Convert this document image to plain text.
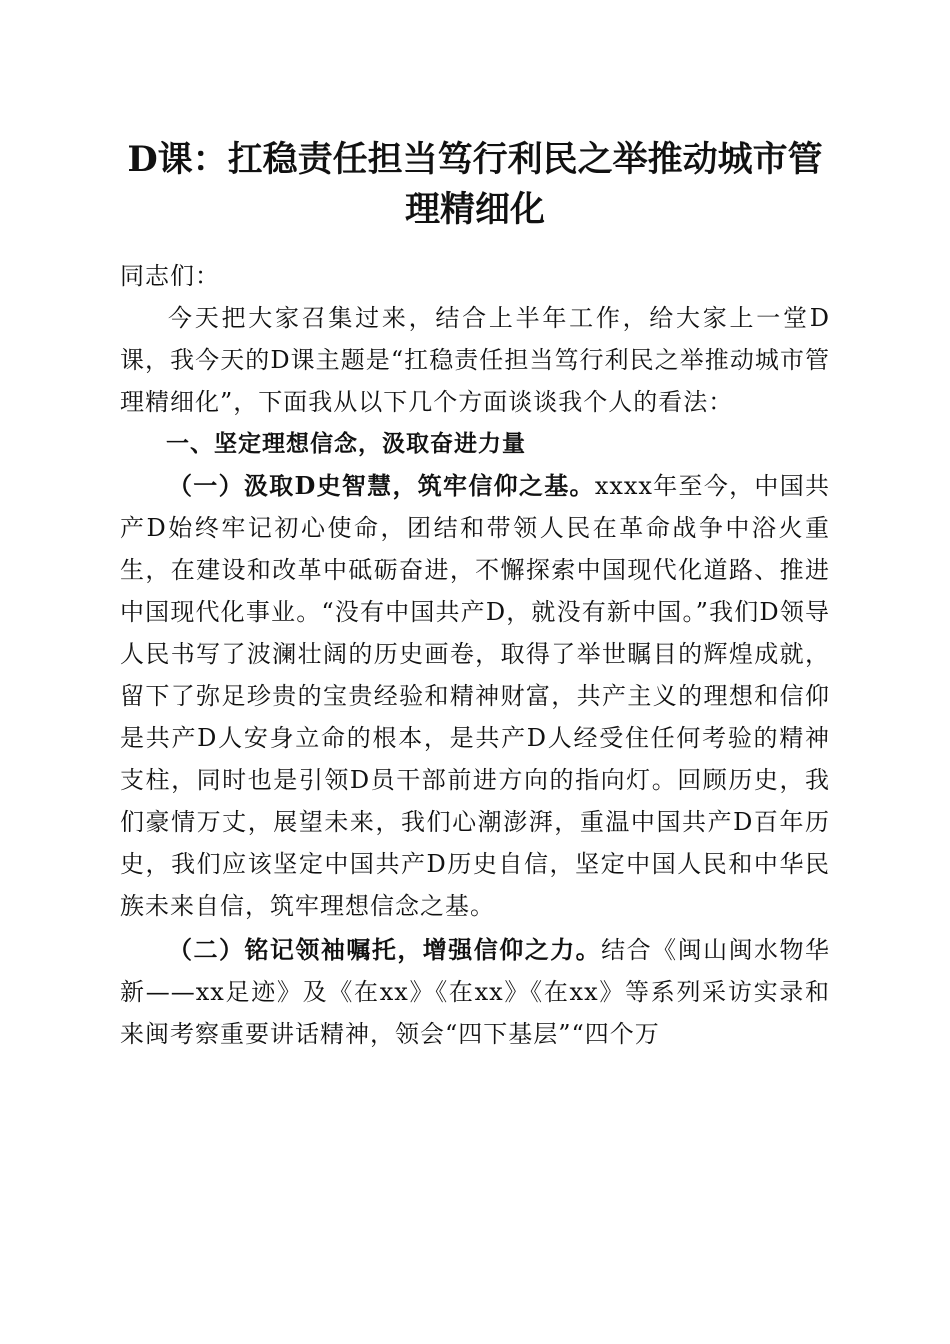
D课：扛稳责任担当笃行利民之举推动城市管
理精细化

同志们：

今天把大家召集过来，结合上半年工作，给大家上一堂D课，我今天的D课主题是“扛稳责任担当笃行利民之举推动城市管理精细化”，下面我从以下几个方面谈谈我个人的看法：

一、坚定理想信念，汲取奋进力量

（一）汲取D史智慧，筑牢信仰之基。xxxx年至今，中国共产D始终牢记初心使命，团结和带领人民在革命战争中浴火重生，在建设和改革中砥砺奋进，不懈探索中国现代化道路、推进中国现代化事业。“没有中国共产D，就没有新中国。”我们D领导人民书写了波澜壮阔的历史画卷，取得了举世瞩目的辉煌成就，留下了弥足珍贵的宝贵经验和精神财富，共产主义的理想和信仰是共产D人安身立命的根本，是共产D人经受住任何考验的精神支柱，同时也是引领D员干部前进方向的指向灯。回顾历史，我们豪情万丈，展望未来，我们心潮澎湃，重温中国共产D百年历史，我们应该坚定中国共产D历史自信，坚定中国人民和中华民族未来自信，筑牢理想信念之基。

（二）铭记领袖嘱托，增强信仰之力。结合《闽山闽水物华新——xx足迹》及《在xx》《在xx》《在xx》等系列采访实录和来闽考察重要讲话精神，领会“四下基层”“四个万
